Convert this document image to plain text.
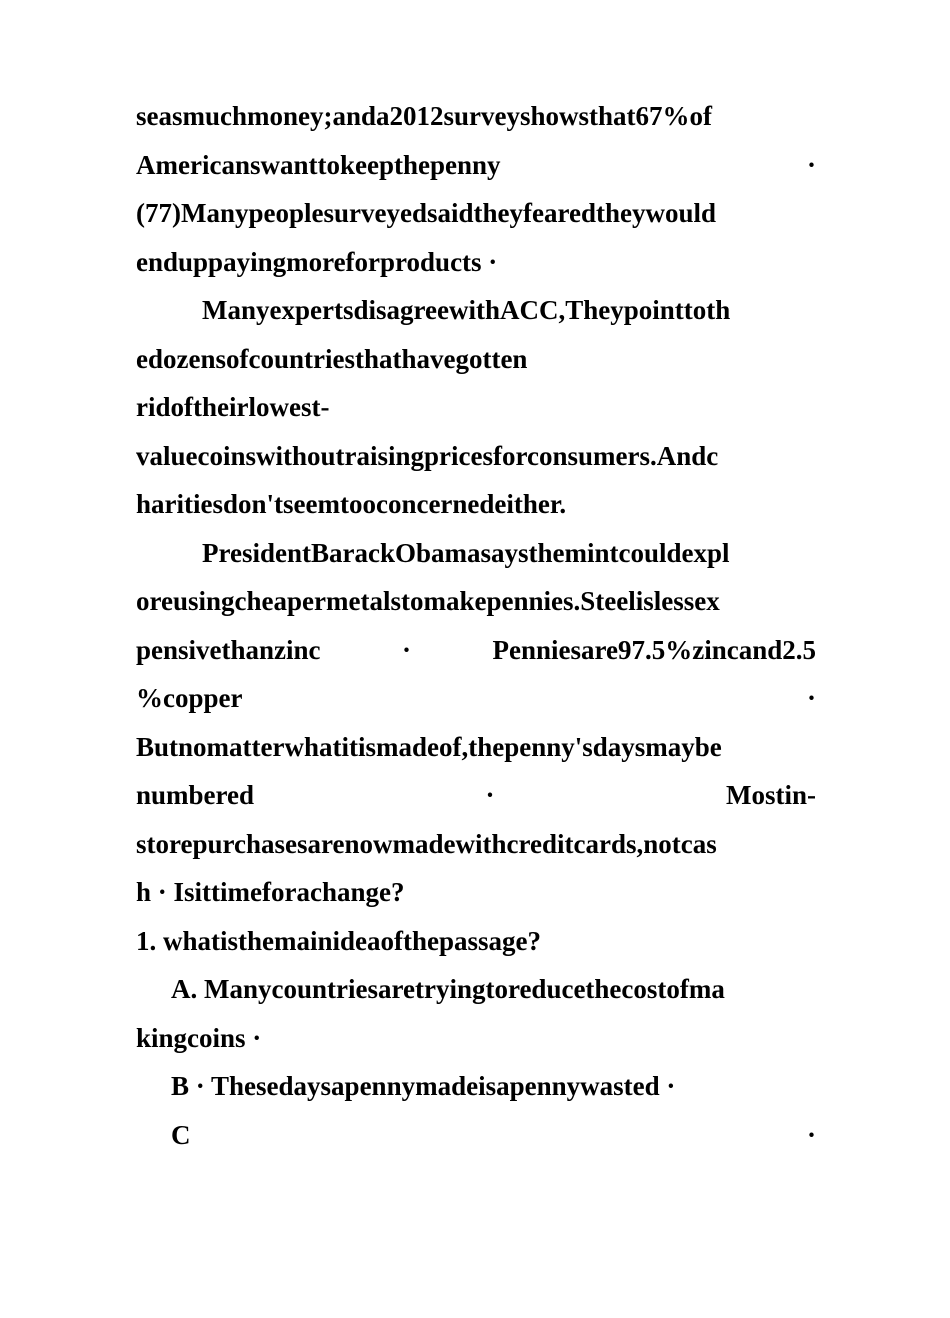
seasmuchmoney;anda2012surveyshowsthat67%of
Americanswanttokeepthepenny	·
(77)Manypeoplesurveyedsaidtheyfearedtheywould
enduppayingmoreforproducts ·
ManyexpertsdisagreewithACC,Theypointtoth
edozensofcountriesthathavegotten
ridoftheirlowest-
valuecoinswithoutraisingpricesforconsumers.Andc
haritiesdon'tseemtooconcernedeither.
PresidentBarackObamasaysthemintcouldexpl
oreusingcheapermetalstomakepennies.Steelislessex
pensivethanzinc	·	Penniesare97.5%zincand2.5
%copper	·
Butnomatterwhatitismadeof,thepenny'sdaysmaybe
numbered	·	Mostin-
storepurchasesarenowmadewithcreditcards,notcas
h · Isittimeforachange?
1. whatisthemainideaofthepassage?
A. Manycountriesaretryingtoreducethecostofma
kingcoins ·
B · Thesedaysapennymadeisapennywasted ·
C	·
